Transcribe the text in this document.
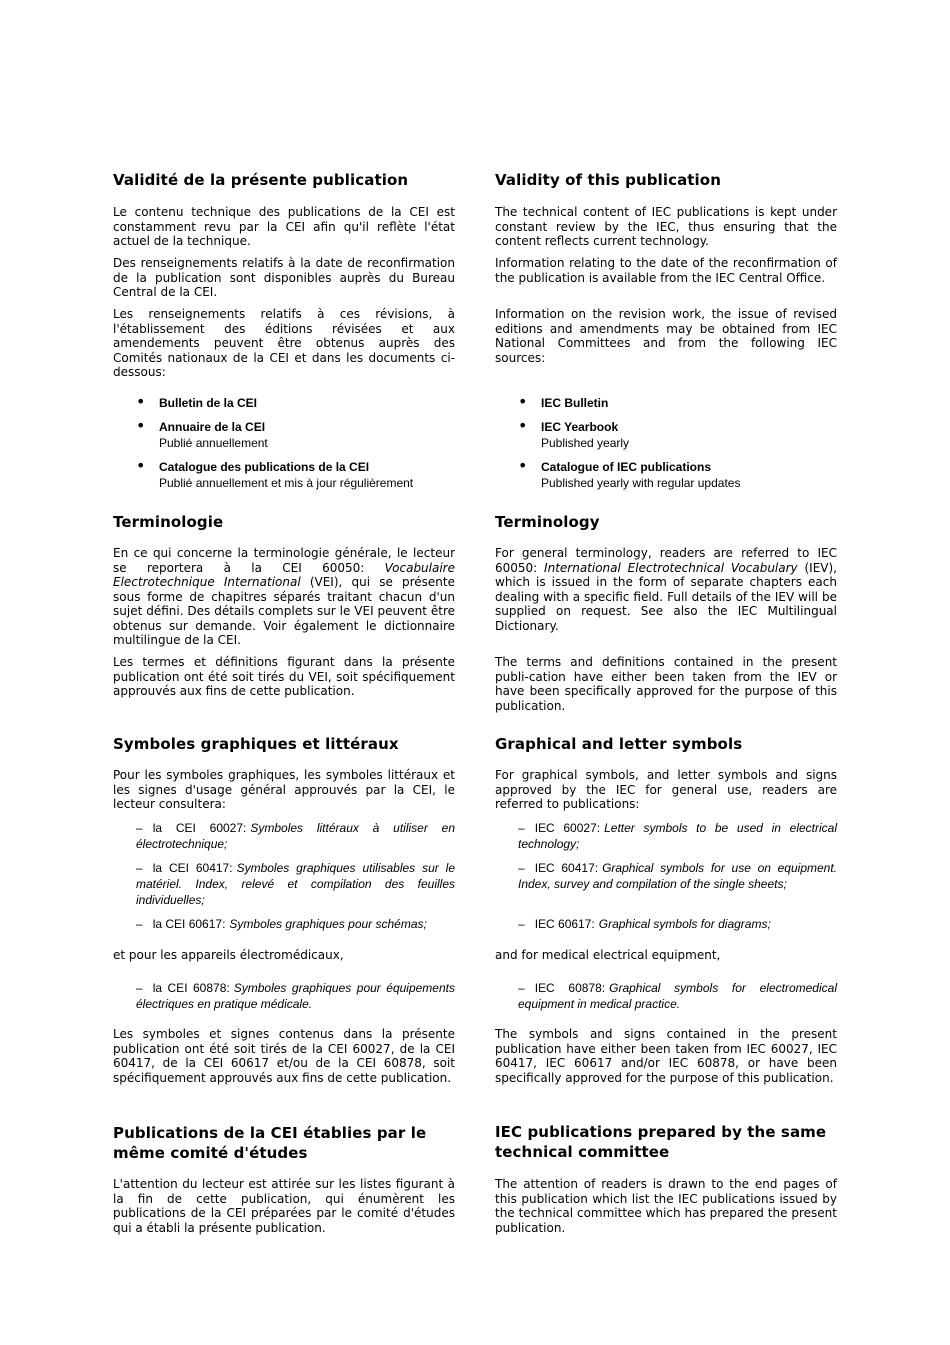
Validité de la présente publication

Le contenu technique des publications de la CEI est constamment revu par la CEI afin qu'il reflète l'état actuel de la technique.

Des renseignements relatifs à la date de reconfirmation de la publication sont disponibles auprès du Bureau Central de la CEI.

Les renseignements relatifs à ces révisions, à l'établissement des éditions révisées et aux amendements peuvent être obtenus auprès des Comités nationaux de la CEI et dans les documents ci-dessous:

• Bulletin de la CEI
• Annuaire de la CEI
Publié annuellement
• Catalogue des publications de la CEI
Publié annuellement et mis à jour régulièrement
Terminologie

En ce qui concerne la terminologie générale, le lecteur se reportera à la CEI 60050: Vocabulaire Electrotechnique International (VEI), qui se présente sous forme de chapitres séparés traitant chacun d'un sujet défini. Des détails complets sur le VEI peuvent être obtenus sur demande. Voir également le dictionnaire multilingue de la CEI.

Les termes et définitions figurant dans la présente publication ont été soit tirés du VEI, soit spécifiquement approuvés aux fins de cette publication.

Symboles graphiques et littéraux

Pour les symboles graphiques, les symboles littéraux et les signes d'usage général approuvés par la CEI, le lecteur consultera:

– la CEI 60027: Symboles littéraux à utiliser en électrotechnique;
– la CEI 60417: Symboles graphiques utilisables sur le matériel. Index, relevé et compilation des feuilles individuelles;
– la CEI 60617: Symboles graphiques pour schémas;

et pour les appareils électromédicaux,

– la CEI 60878: Symboles graphiques pour équipements électriques en pratique médicale.

Les symboles et signes contenus dans la présente publication ont été soit tirés de la CEI 60027, de la CEI 60417, de la CEI 60617 et/ou de la CEI 60878, soit spécifiquement approuvés aux fins de cette publication.

Publications de la CEI établies par le
même comité d'études

L'attention du lecteur est attirée sur les listes figurant à la fin de cette publication, qui énumèrent les publications de la CEI préparées par le comité d'études qui a établi la présente publication.

Validity of this publication

The technical content of IEC publications is kept under constant review by the IEC, thus ensuring that the content reflects current technology.

Information relating to the date of the reconfirmation of the publication is available from the IEC Central Office.

Information on the revision work, the issue of revised editions and amendments may be obtained from IEC National Committees and from the following IEC sources:

• IEC Bulletin
• IEC Yearbook
Published yearly
• Catalogue of IEC publications
Published yearly with regular updates
Terminology

For general terminology, readers are referred to IEC 60050: International Electrotechnical Vocabulary (IEV), which is issued in the form of separate chapters each dealing with a specific field. Full details of the IEV will be supplied on request. See also the IEC Multilingual Dictionary.

The terms and definitions contained in the present publi-cation have either been taken from the IEV or have been specifically approved for the purpose of this publication.

Graphical and letter symbols

For graphical symbols, and letter symbols and signs approved by the IEC for general use, readers are referred to publications:

– IEC 60027: Letter symbols to be used in electrical technology;
– IEC 60417: Graphical symbols for use on equipment. Index, survey and compilation of the single sheets;
– IEC 60617: Graphical symbols for diagrams;

and for medical electrical equipment,

– IEC 60878: Graphical symbols for electromedical equipment in medical practice.

The symbols and signs contained in the present publication have either been taken from IEC 60027, IEC 60417, IEC 60617 and/or IEC 60878, or have been specifically approved for the purpose of this publication.

IEC publications prepared by the same
technical committee

The attention of readers is drawn to the end pages of this publication which list the IEC publications issued by the technical committee which has prepared the present publication.
